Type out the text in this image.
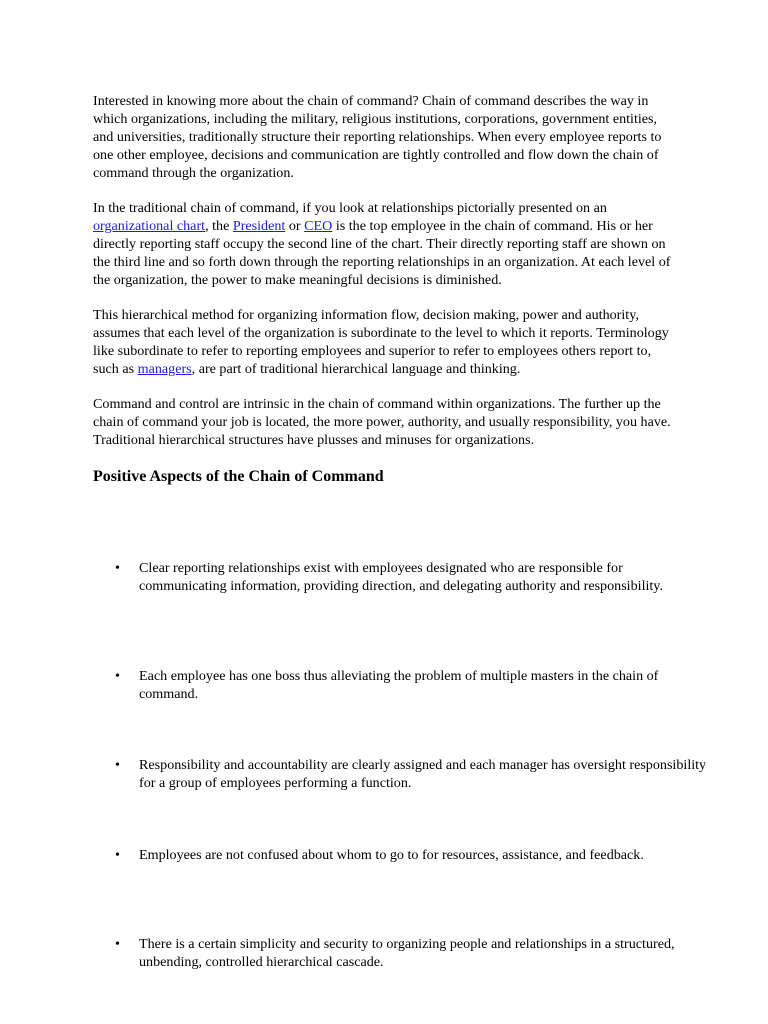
Interested in knowing more about the chain of command? Chain of command describes the way in which organizations, including the military, religious institutions, corporations, government entities, and universities, traditionally structure their reporting relationships. When every employee reports to one other employee, decisions and communication are tightly controlled and flow down the chain of command through the organization.

In the traditional chain of command, if you look at relationships pictorially presented on an organizational chart, the President or CEO is the top employee in the chain of command. His or her directly reporting staff occupy the second line of the chart. Their directly reporting staff are shown on the third line and so forth down through the reporting relationships in an organization. At each level of the organization, the power to make meaningful decisions is diminished.

This hierarchical method for organizing information flow, decision making, power and authority, assumes that each level of the organization is subordinate to the level to which it reports. Terminology like subordinate to refer to reporting employees and superior to refer to employees others report to, such as managers, are part of traditional hierarchical language and thinking.

Command and control are intrinsic in the chain of command within organizations. The further up the chain of command your job is located, the more power, authority, and usually responsibility, you have. Traditional hierarchical structures have plusses and minuses for organizations.

Positive Aspects of the Chain of Command
• Clear reporting relationships exist with employees designated who are responsible for communicating information, providing direction, and delegating authority and responsibility.
• Each employee has one boss thus alleviating the problem of multiple masters in the chain of command.
• Responsibility and accountability are clearly assigned and each manager has oversight responsibility for a group of employees performing a function.
• Employees are not confused about whom to go to for resources, assistance, and feedback.
• There is a certain simplicity and security to organizing people and relationships in a structured, unbending, controlled hierarchical cascade.
